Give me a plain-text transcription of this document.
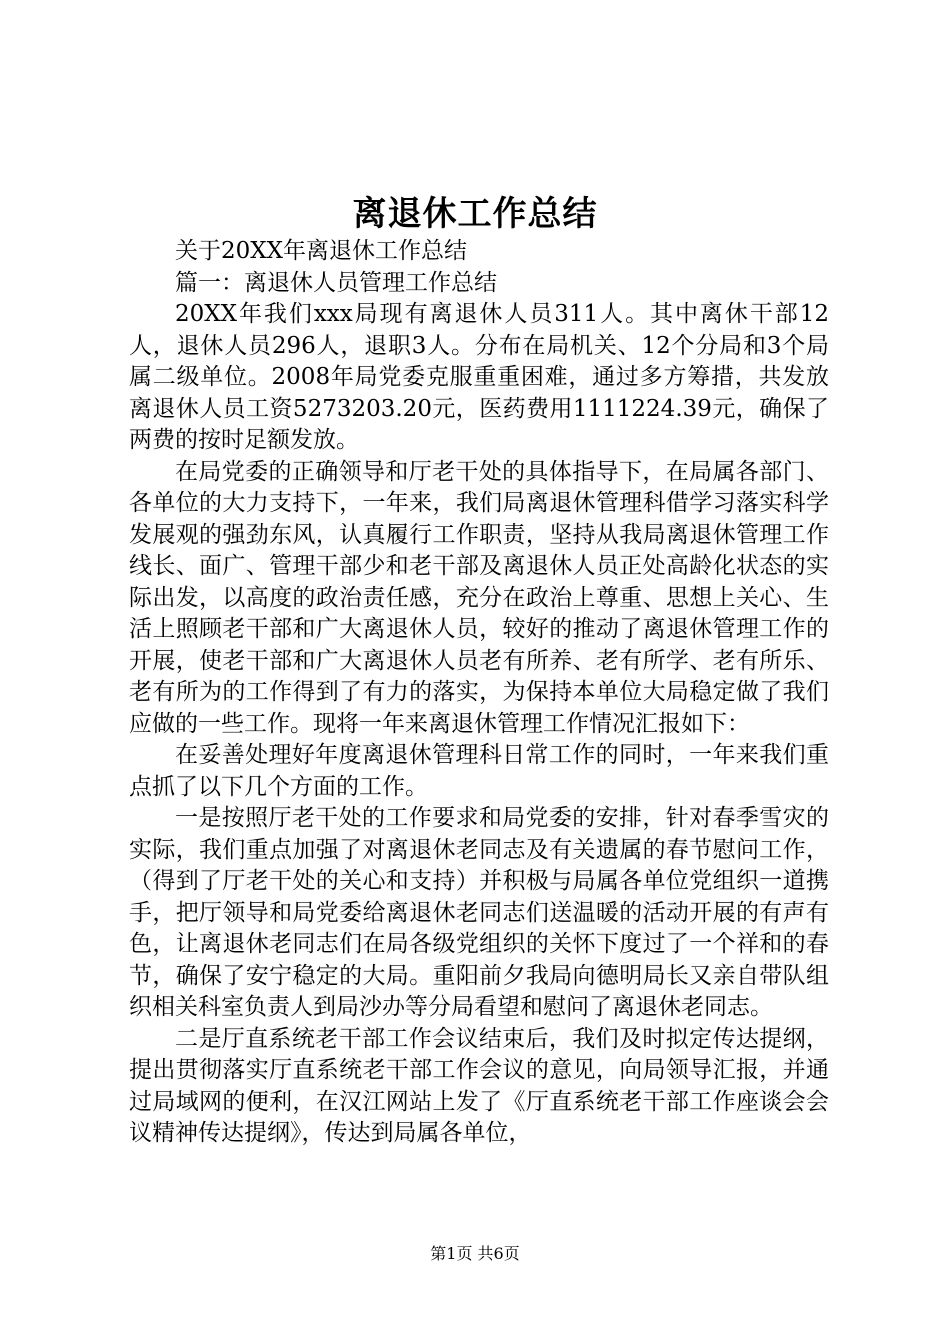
离退休工作总结

关于20XX年离退休工作总结

篇一：离退休人员管理工作总结

20XX年我们xxx局现有离退休人员311人。其中离休干部12人，退休人员296人，退职3人。分布在局机关、12个分局和3个局属二级单位。2008年局党委克服重重困难，通过多方筹措，共发放离退休人员工资5273203.20元，医药费用1111224.39元，确保了两费的按时足额发放。

在局党委的正确领导和厅老干处的具体指导下，在局属各部门、各单位的大力支持下，一年来，我们局离退休管理科借学习落实科学发展观的强劲东风，认真履行工作职责，坚持从我局离退休管理工作线长、面广、管理干部少和老干部及离退休人员正处高龄化状态的实际出发，以高度的政治责任感，充分在政治上尊重、思想上关心、生活上照顾老干部和广大离退休人员，较好的推动了离退休管理工作的开展，使老干部和广大离退休人员老有所养、老有所学、老有所乐、老有所为的工作得到了有力的落实，为保持本单位大局稳定做了我们应做的一些工作。现将一年来离退休管理工作情况汇报如下：

在妥善处理好年度离退休管理科日常工作的同时，一年来我们重点抓了以下几个方面的工作。

一是按照厅老干处的工作要求和局党委的安排，针对春季雪灾的实际，我们重点加强了对离退休老同志及有关遗属的春节慰问工作，（得到了厅老干处的关心和支持）并积极与局属各单位党组织一道携手，把厅领导和局党委给离退休老同志们送温暖的活动开展的有声有色，让离退休老同志们在局各级党组织的关怀下度过了一个祥和的春节，确保了安宁稳定的大局。重阳前夕我局向德明局长又亲自带队组织相关科室负责人到局沙办等分局看望和慰问了离退休老同志。

二是厅直系统老干部工作会议结束后，我们及时拟定传达提纲，提出贯彻落实厅直系统老干部工作会议的意见，向局领导汇报，并通过局域网的便利，在汉江网站上发了《厅直系统老干部工作座谈会会议精神传达提纲》，传达到局属各单位，

第1页 共6页
